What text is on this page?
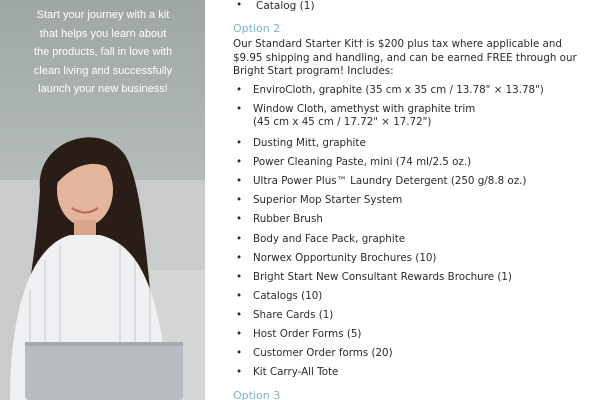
Start your journey with a kit
that helps you learn about
the products, fall in love with
clean living and successfully
launch your new business!
• Catalog (1)
Option 2
Our Standard Starter Kit† is $200 plus tax where applicable and $9.95 shipping and handling, and can be earned FREE through our Bright Start program! Includes:
• EnviroCloth, graphite (35 cm x 35 cm / 13.78" × 13.78")
• Window Cloth, amethyst with graphite trim
(45 cm x 45 cm / 17.72" × 17.72")
• Dusting Mitt, graphite
• Power Cleaning Paste, mini (74 ml/2.5 oz.)
• Ultra Power Plus™ Laundry Detergent (250 g/8.8 oz.)
• Superior Mop Starter System
• Rubber Brush
• Body and Face Pack, graphite
• Norwex Opportunity Brochures (10)
• Bright Start New Consultant Rewards Brochure (1)
• Catalogs (10)
• Share Cards (1)
• Host Order Forms (5)
• Customer Order forms (20)
• Kit Carry-All Tote
Option 3
